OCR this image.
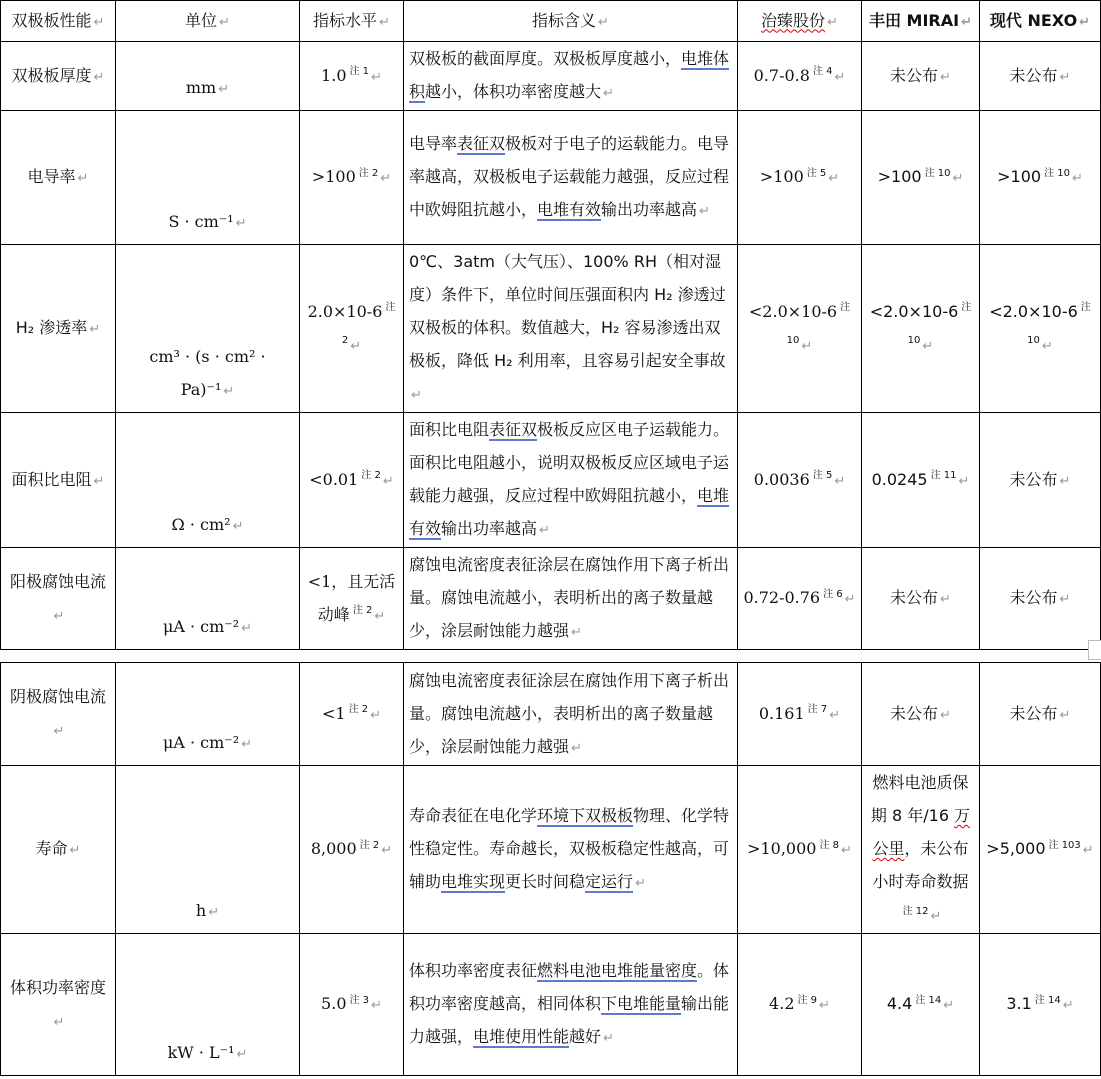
双极板性能 ↵	单位 ↵	指标水平 ↵	指标含义 ↵	治臻股份 ↵	丰田 MIRAI ↵	现代 NEXO ↵
双极板厚度 ↵	mm ↵	1.0 $^{注 1}$ ↵	双极板的截面厚度。双极板厚度越小，电堆体积越小，体积功率密度越大 ↵	0.7-0.8 $^{注 4}$ ↵	未公布 ↵	未公布 ↵
电导率 ↵	S · cm⁻¹ ↵	>100 $^{注 2}$ ↵	电导率表征双极板对于电子的运载能力。电导率越高，双极板电子运载能力越强，反应过程中欧姆阻抗越小，电堆有效输出功率越高 ↵	>100 $^{注 5}$ ↵	>100 $^{注 10}$ ↵	>100 $^{注 10}$ ↵
H₂ 渗透率 ↵	cm³ · (s · cm² · Pa)⁻¹ ↵	2.0×10-6 $^{注 2}$ ↵	0℃、3atm（大气压）、100% RH（相对湿度）条件下，单位时间压强面积内 H₂ 渗透过双极板的体积。数值越大，H₂ 容易渗透出双极板，降低 H₂ 利用率，且容易引起安全事故↵	<2.0×10-6 $^{注 10}$ ↵	<2.0×10-6 $^{注 10}$ ↵	<2.0×10-6 $^{注 10}$ ↵
面积比电阻 ↵	Ω · cm² ↵	<0.01 $^{注 2}$ ↵	面积比电阻表征双极板反应区电子运载能力。面积比电阻越小，说明双极板反应区域电子运载能力越强，反应过程中欧姆阻抗越小，电堆有效输出功率越高 ↵	0.0036 $^{注 5}$ ↵	0.0245 $^{注 11}$ ↵	未公布 ↵
阳极腐蚀电流↵	μA · cm⁻² ↵	<1，且无活动峰 $^{注 2}$ ↵	腐蚀电流密度表征涂层在腐蚀作用下离子析出量。腐蚀电流越小，表明析出的离子数量越少，涂层耐蚀能力越强 ↵	0.72-0.76 $^{注 6}$ ↵	未公布 ↵	未公布 ↵
阴极腐蚀电流↵	μA · cm⁻² ↵	<1 $^{注 2}$ ↵	腐蚀电流密度表征涂层在腐蚀作用下离子析出量。腐蚀电流越小，表明析出的离子数量越少，涂层耐蚀能力越强 ↵	0.161 $^{注 7}$ ↵	未公布 ↵	未公布 ↵
寿命 ↵	h ↵	8,000 $^{注 2}$ ↵	寿命表征在电化学环境下双极板物理、化学特性稳定性。寿命越长，双极板稳定性越高，可辅助电堆实现更长时间稳定运行 ↵	>10,000 $^{注 8}$ ↵	燃料电池质保期 8 年/16 万公里，未公布小时寿命数据$^{注 12}$ ↵	>5,000 $^{注 103}$ ↵
体积功率密度↵	kW · L⁻¹ ↵	5.0 $^{注 3}$ ↵	体积功率密度表征燃料电池电堆能量密度。体积功率密度越高，相同体积下电堆能量输出能力越强，电堆使用性能越好 ↵	4.2 $^{注 9}$ ↵	4.4 $^{注 14}$ ↵	3.1 $^{注 14}$ ↵
